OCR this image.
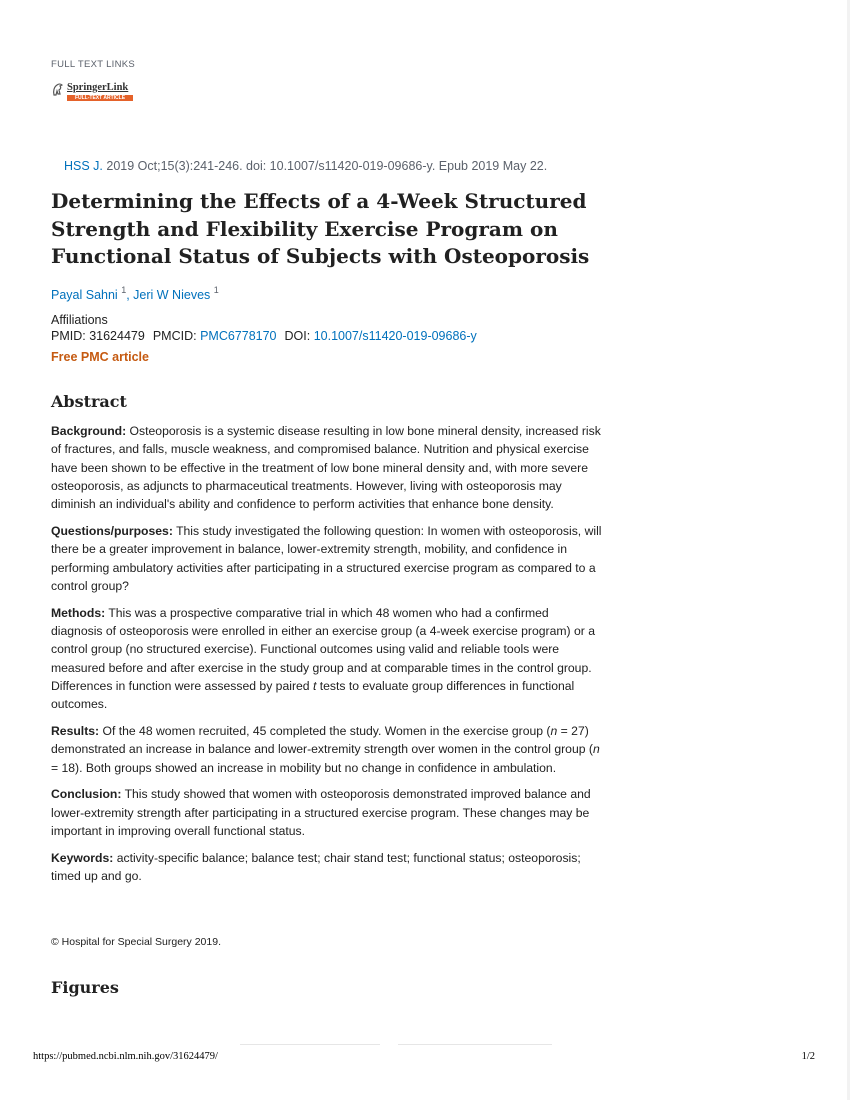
FULL TEXT LINKS
SpringerLink
FULL-TEXT ARTICLE
HSS J. 2019 Oct;15(3):241-246. doi: 10.1007/s11420-019-09686-y. Epub 2019 May 22.
Determining the Effects of a 4-Week Structured Strength and Flexibility Exercise Program on Functional Status of Subjects with Osteoporosis
Payal Sahni $^1$, Jeri W Nieves $^1$
Affiliations
PMID: 31624479 PMCID: PMC6778170 DOI: 10.1007/s11420-019-09686-y
Free PMC article
Abstract

Background: Osteoporosis is a systemic disease resulting in low bone mineral density, increased risk of fractures, and falls, muscle weakness, and compromised balance. Nutrition and physical exercise have been shown to be effective in the treatment of low bone mineral density and, with more severe osteoporosis, as adjuncts to pharmaceutical treatments. However, living with osteoporosis may diminish an individual's ability and confidence to perform activities that enhance bone density.

Questions/purposes: This study investigated the following question: In women with osteoporosis, will there be a greater improvement in balance, lower-extremity strength, mobility, and confidence in performing ambulatory activities after participating in a structured exercise program as compared to a control group?

Methods: This was a prospective comparative trial in which 48 women who had a confirmed diagnosis of osteoporosis were enrolled in either an exercise group (a 4-week exercise program) or a control group (no structured exercise). Functional outcomes using valid and reliable tools were measured before and after exercise in the study group and at comparable times in the control group. Differences in function were assessed by paired t tests to evaluate group differences in functional outcomes.

Results: Of the 48 women recruited, 45 completed the study. Women in the exercise group (n = 27) demonstrated an increase in balance and lower-extremity strength over women in the control group (n = 18). Both groups showed an increase in mobility but no change in confidence in ambulation.

Conclusion: This study showed that women with osteoporosis demonstrated improved balance and lower-extremity strength after participating in a structured exercise program. These changes may be important in improving overall functional status.

Keywords: activity-specific balance; balance test; chair stand test; functional status; osteoporosis; timed up and go.

© Hospital for Special Surgery 2019.
Figures
https://pubmed.ncbi.nlm.nih.gov/31624479/	1/2
